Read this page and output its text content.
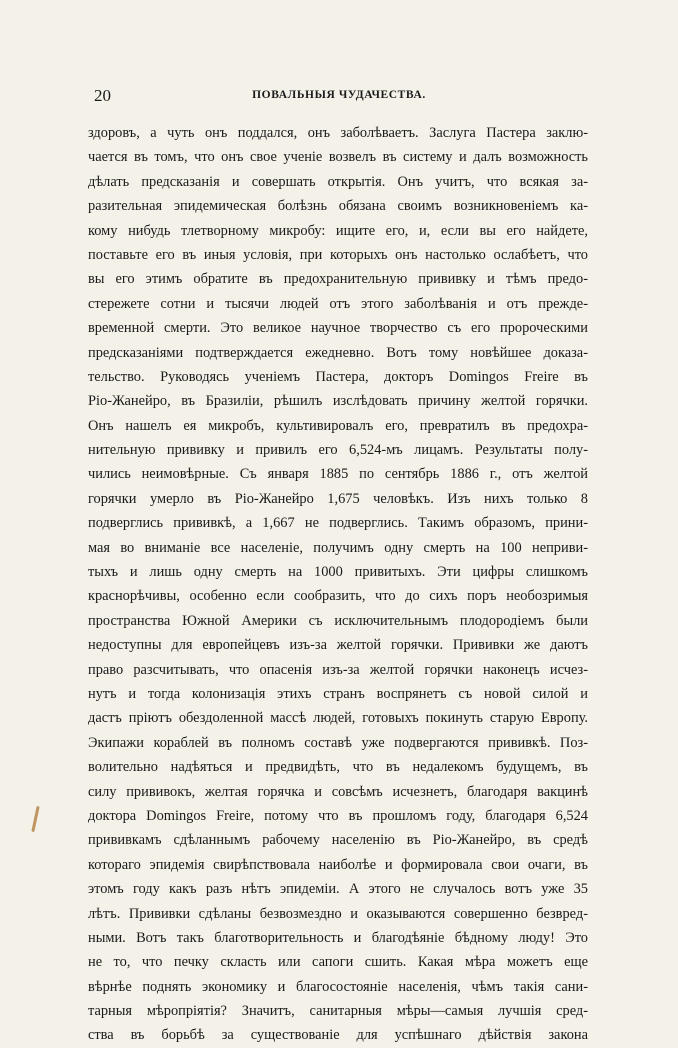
20	ПОВАЛЬНЫЯ ЧУДАЧЕСТВА.
здоровъ, а чуть онъ поддался, онъ заболѣваетъ. Заслуга Пастера заклю-
чается въ томъ, что онъ свое ученіе возвелъ въ систему и далъ возможность
дѣлать предсказанія и совершать открытія. Онъ учитъ, что всякая за-
разительная эпидемическая болѣзнь обязана своимъ возникновеніемъ ка-
кому нибудь тлетворному микробу: ищите его, и, если вы его найдете,
поставьте его въ иныя условія, при которыхъ онъ настолько ослабѣетъ, что
вы его этимъ обратите въ предохранительную прививку и тѣмъ предо-
стережете сотни и тысячи людей отъ этого заболѣванія и отъ прежде-
временной смерти. Это великое научное творчество съ его пророческими
предсказаніями подтверждается ежедневно. Вотъ тому новѣйшее доказа-
тельство. Руководясь ученіемъ Пастера, докторъ Domingos Freire въ
Ріо-Жанейро, въ Бразиліи, рѣшилъ изслѣдовать причину желтой горячки.
Онъ нашелъ ея микробъ, культивировалъ его, превратилъ въ предохра-
нительную прививку и привилъ его 6,524-мъ лицамъ. Результаты полу-
чились неимовѣрные. Съ января 1885 по сентябрь 1886 г., отъ желтой
горячки умерло въ Ріо-Жанейро 1,675 человѣкъ. Изъ нихъ только 8
подверглись прививкѣ, а 1,667 не подверглись. Такимъ образомъ, прини-
мая во вниманіе все населеніе, получимъ одну смерть на 100 неприви-
тыхъ и лишь одну смерть на 1000 привитыхъ. Эти цифры слишкомъ
краснорѣчивы, особенно если сообразить, что до сихъ поръ необозримыя
пространства Южной Америки съ исключительнымъ плодородіемъ были
недоступны для европейцевъ изъ-за желтой горячки. Прививки же даютъ
право разсчитывать, что опасенія изъ-за желтой горячки наконецъ исчез-
нутъ и тогда колонизація этихъ странъ воспрянетъ съ новой силой и
дастъ пріютъ обездоленной массѣ людей, готовыхъ покинуть старую Европу.
Экипажи кораблей въ полномъ составѣ уже подвергаются прививкѣ. Поз-
волительно надѣяться и предвидѣть, что въ недалекомъ будущемъ, въ
силу прививокъ, желтая горячка и совсѣмъ исчезнетъ, благодаря вакцинѣ
доктора Domingos Freire, потому что въ прошломъ году, благодаря 6,524
прививкамъ сдѣланнымъ рабочему населенію въ Ріо-Жанейро, въ средѣ
котораго эпидемія свирѣпствовала наиболѣе и формировала свои очаги, въ
этомъ году какъ разъ нѣтъ эпидеміи. А этого не случалось вотъ уже 35
лѣтъ. Прививки сдѣланы безвозмездно и оказываются совершенно безвред-
ными. Вотъ такъ благотворительность и благодѣяніе бѣдному люду! Это
не то, что печку скласть или сапоги сшить. Какая мѣра можетъ еще
вѣрнѣе поднять экономику и благосостояніе населенія, чѣмъ такія сани-
тарныя мѣропріятія? Значитъ, санитарныя мѣры—самыя лучшія сред-
ства въ борьбѣ за существованіе для успѣшнаго дѣйствія закона
